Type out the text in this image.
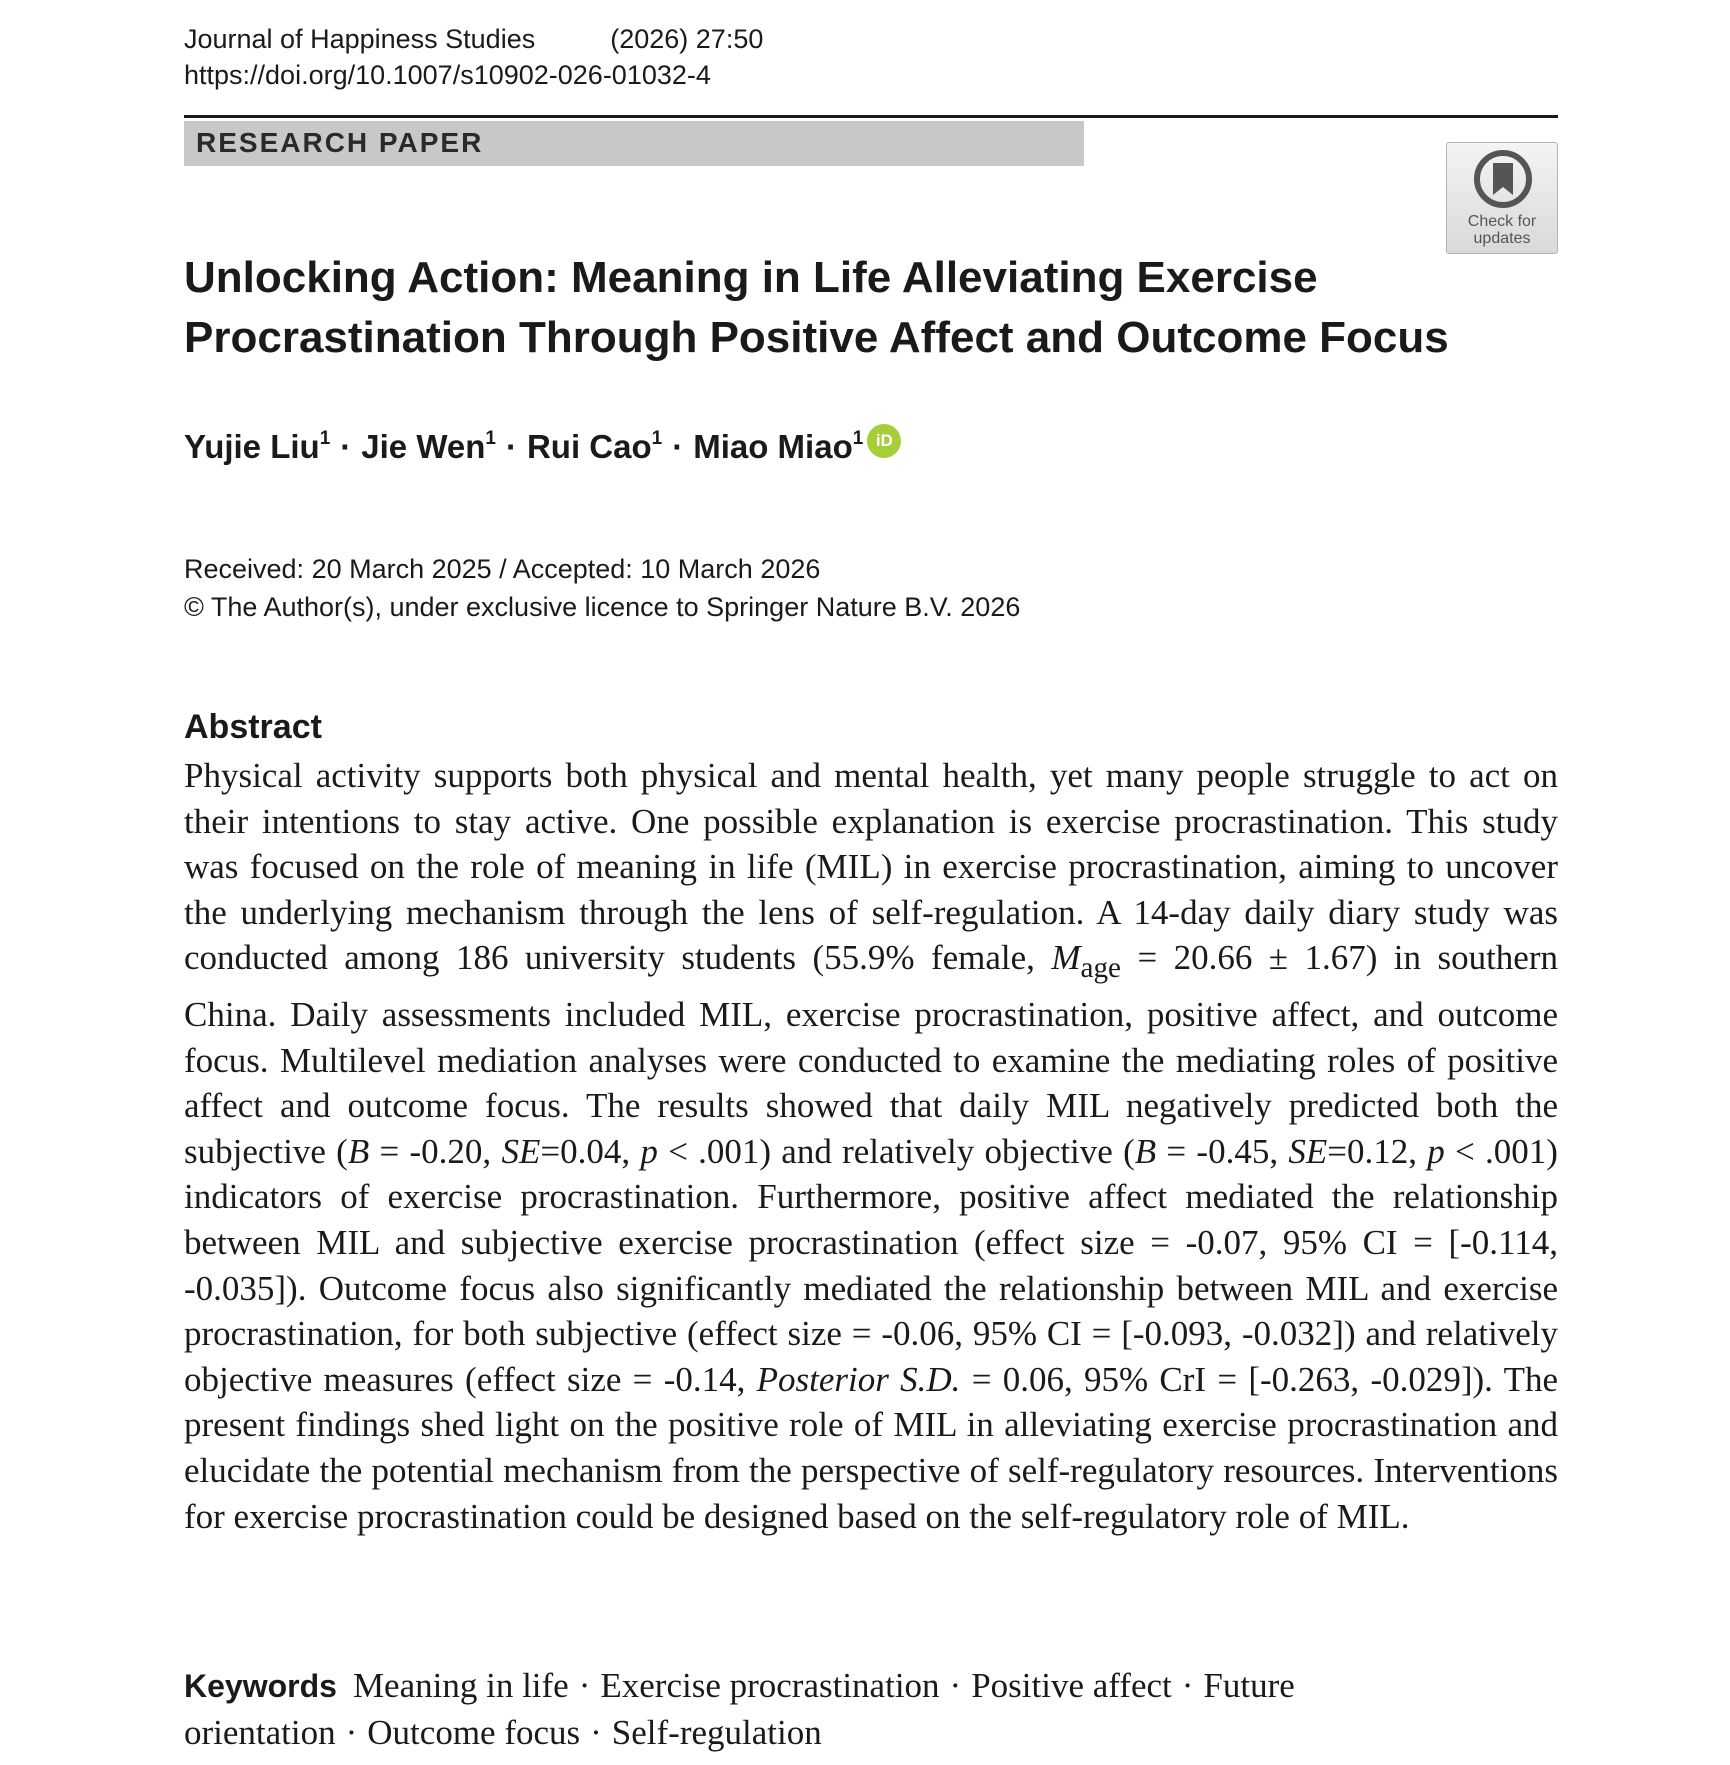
Journal of Happiness Studies	(2026) 27:50
https://doi.org/10.1007/s10902-026-01032-4
RESEARCH PAPER
Check for
updates
Unlocking Action: Meaning in Life Alleviating Exercise Procrastination Through Positive Affect and Outcome Focus
Yujie Liu$^1$ · Jie Wen$^1$ · Rui Cao$^1$ · Miao Miao$^1$ iD
Received: 20 March 2025 / Accepted: 10 March 2026
© The Author(s), under exclusive licence to Springer Nature B.V. 2026
Abstract

Physical activity supports both physical and mental health, yet many people struggle to act on their intentions to stay active. One possible explanation is exercise procrastination. This study was focused on the role of meaning in life (MIL) in exercise procrastination, aiming to uncover the underlying mechanism through the lens of self-regulation. A 14-day daily diary study was conducted among 186 university students (55.9% female, $M_{age} = 20.66 \pm 1.67$) in southern China. Daily assessments included MIL, exercise procrastination, positive affect, and outcome focus. Multilevel mediation analyses were conducted to examine the mediating roles of positive affect and outcome focus. The results showed that daily MIL negatively predicted both the subjective (B = -0.20, SE=0.04, p < .001) and relatively objective (B = -0.45, SE=0.12, p < .001) indicators of exercise procrastination. Furthermore, positive affect mediated the relationship between MIL and subjective exercise procrastination (effect size = -0.07, 95% CI = [-0.114, -0.035]). Outcome focus also significantly mediated the relationship between MIL and exercise procrastination, for both subjective (effect size = -0.06, 95% CI = [-0.093, -0.032]) and relatively objective measures (effect size = -0.14, Posterior S.D. = 0.06, 95% CrI = [-0.263, -0.029]). The present findings shed light on the positive role of MIL in alleviating exercise procrastination and elucidate the potential mechanism from the perspective of self-regulatory resources. Interventions for exercise procrastination could be designed based on the self-regulatory role of MIL.

Keywords Meaning in life · Exercise procrastination · Positive affect · Future orientation · Outcome focus · Self-regulation
